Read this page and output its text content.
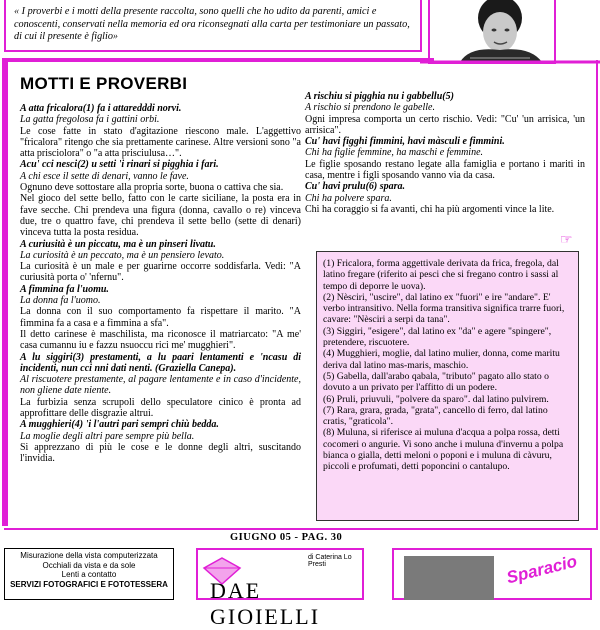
« I proverbi e i motti della presente raccolta, sono quelli che ho udito da parenti, amici e conoscenti, conservati nella memoria ed ora riconsegnati alla carta per testimoniare un passato, di cui il presente è figlio»
MOTTI E PROVERBI

A atta fricalora(1) fa i attaredddi norvi.

La gatta fregolosa fa i gattini orbi.

Le cose fatte in stato d'agitazione riescono male. L'aggettivo "fricalora" ritengo che sia prettamente carinese. Altre versioni sono "a atta prisciolora" o "a atta prisciulusa…".

Acu' cci nesci(2) u setti 'i rinari si pigghia i fari.

A chi esce il sette di denari, vanno le fave.

Ognuno deve sottostare alla propria sorte, buona o cattiva che sia.

Nel gioco del sette bello, fatto con le carte siciliane, la posta era in fave secche. Chi prendeva una figura (donna, cavallo o re) vinceva due, tre o quattro fave, chi prendeva il sette bello (sette di denari) vinceva tutta la posta residua.

A curiusità è un piccatu, ma è un pinseri livatu.

La curiosità è un peccato, ma è un pensiero levato.

La curiosità è un male e per guarirne occorre soddisfarla. Vedi: "A curiusità porta o' 'nfernu".

A fimmina fa l'uomu.

La donna fa l'uomo.

La donna con il suo comportamento fa rispettare il marito. "A fimmina fa a casa e a fimmina a sfa".

Il detto carinese è maschilista, ma riconosce il matriarcato: "A me' casa cumannu iu e fazzu nsuoccu rici me' mugghieri".

A lu siggiri(3) prestamenti, a lu paari lentamenti e 'ncasu di incidenti, nun cci nni dati nenti. (Graziella Canepa).

Al riscuotere prestamente, al pagare lentamente e in caso d'incidente, non gliene date niente.

La furbizia senza scrupoli dello speculatore cinico è pronta ad approfittare delle disgrazie altrui.

A mugghieri(4) 'i l'autri pari sempri chiù bedda.

La moglie degli altri pare sempre più bella.

Si apprezzano di più le cose e le donne degli altri, suscitando l'invidia.

A rischiu si pigghia nu i gabbellu(5)

A rischio si prendono le gabelle.

Ogni impresa comporta un certo rischio. Vedi: "Cu' 'un arrisica, 'un arrisica".

Cu' havi figghi fimmini, havi màsculi e fimmini.

Chi ha figlie femmine, ha maschi e femmine.

Le figlie sposando restano legate alla famiglia e portano i mariti in casa, mentre i figli sposando vanno via da casa.

Cu' havi prulu(6) spara.

Chi ha polvere spara.

Chi ha coraggio si fa avanti, chi ha più argomenti vince la lite.

☞

(1) Fricalora, forma aggettivale derivata da frica, fregola, dal latino fregare (riferito ai pesci che si fregano contro i sassi al tempo di deporre le uova).

(2) Nèsciri, "uscire", dal latino ex "fuori" e ire "andare". E' verbo intransitivo. Nella forma transitiva significa trarre fuori, cavare: "Nèsciri a serpi da tana".

(3) Siggiri, "esigere", dal latino ex "da" e agere "spingere", pretendere, riscuotere.

(4) Mugghieri, moglie, dal latino mulier, donna, come maritu deriva dal latino mas-maris, maschio.

(5) Gabella, dall'arabo qabala, "tributo" pagato allo stato o dovuto a un privato per l'affitto di un podere.

(6) Pruli, priuvuli, "polvere da sparo". dal latino pulvirem.

(7) Rara, grara, grada, "grata", cancello di ferro, dal latino cratis, "graticola".

(8) Muluna, si riferisce ai muluna d'acqua a polpa rossa, detti cocomeri o angurie. Vi sono anche i muluna d'invernu a polpa bianca o gialla, detti meloni o poponi e i muluna di càvuru, piccoli e profumati, detti poponcini o cantalupo.

GIUGNO 05 - PAG. 30
Misurazione della vista computerizzata
Occhiali da vista e da sole
Lenti a contatto
SERVIZI FOTOGRAFICI E FOTOTESSERA
di Caterina Lo Presti
DAE GIOIELLI
Sparacio
